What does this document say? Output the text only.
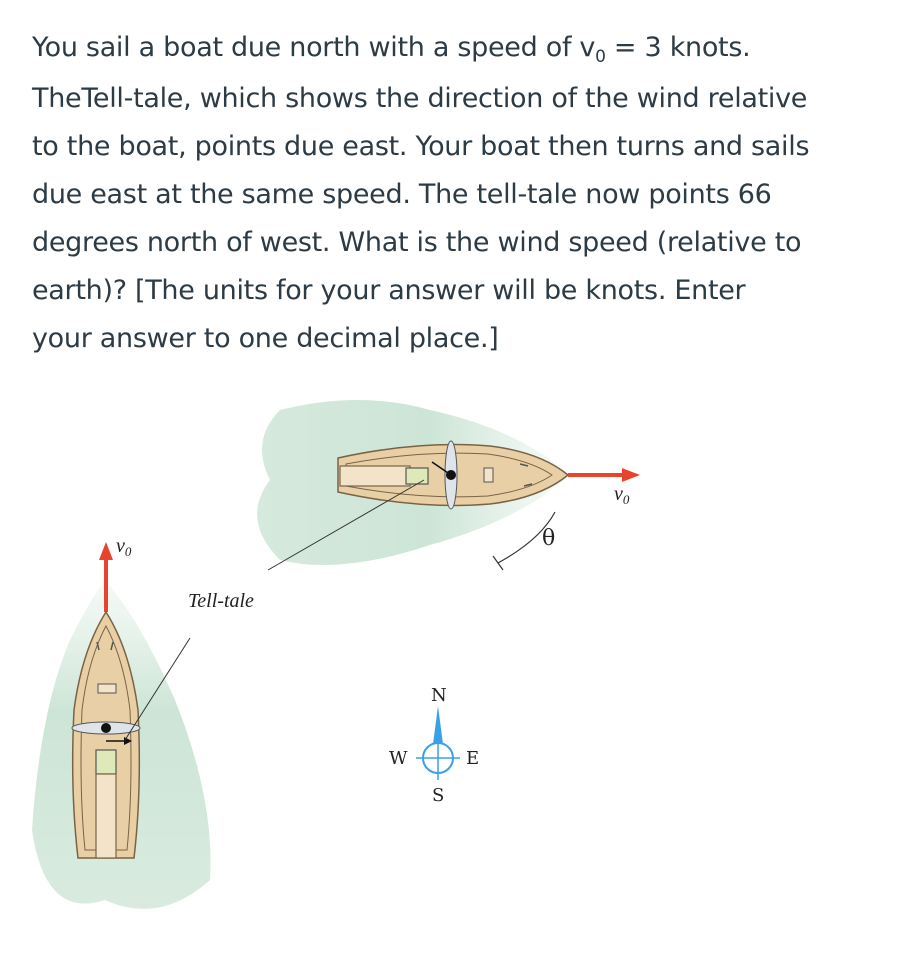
You sail a boat due north with a speed of $v_0 = 3$ knots.
TheTell-tale, which shows the direction of the wind relative
to the boat, points due east. Your boat then turns and sails
due east at the same speed. The tell-tale now points 66
degrees north of west. What is the wind speed (relative to
earth)? [The units for your answer will be knots. Enter
your answer to one decimal place.]
$v_0$
θ
$v_0$
Tell-tale
N
S
E
W
